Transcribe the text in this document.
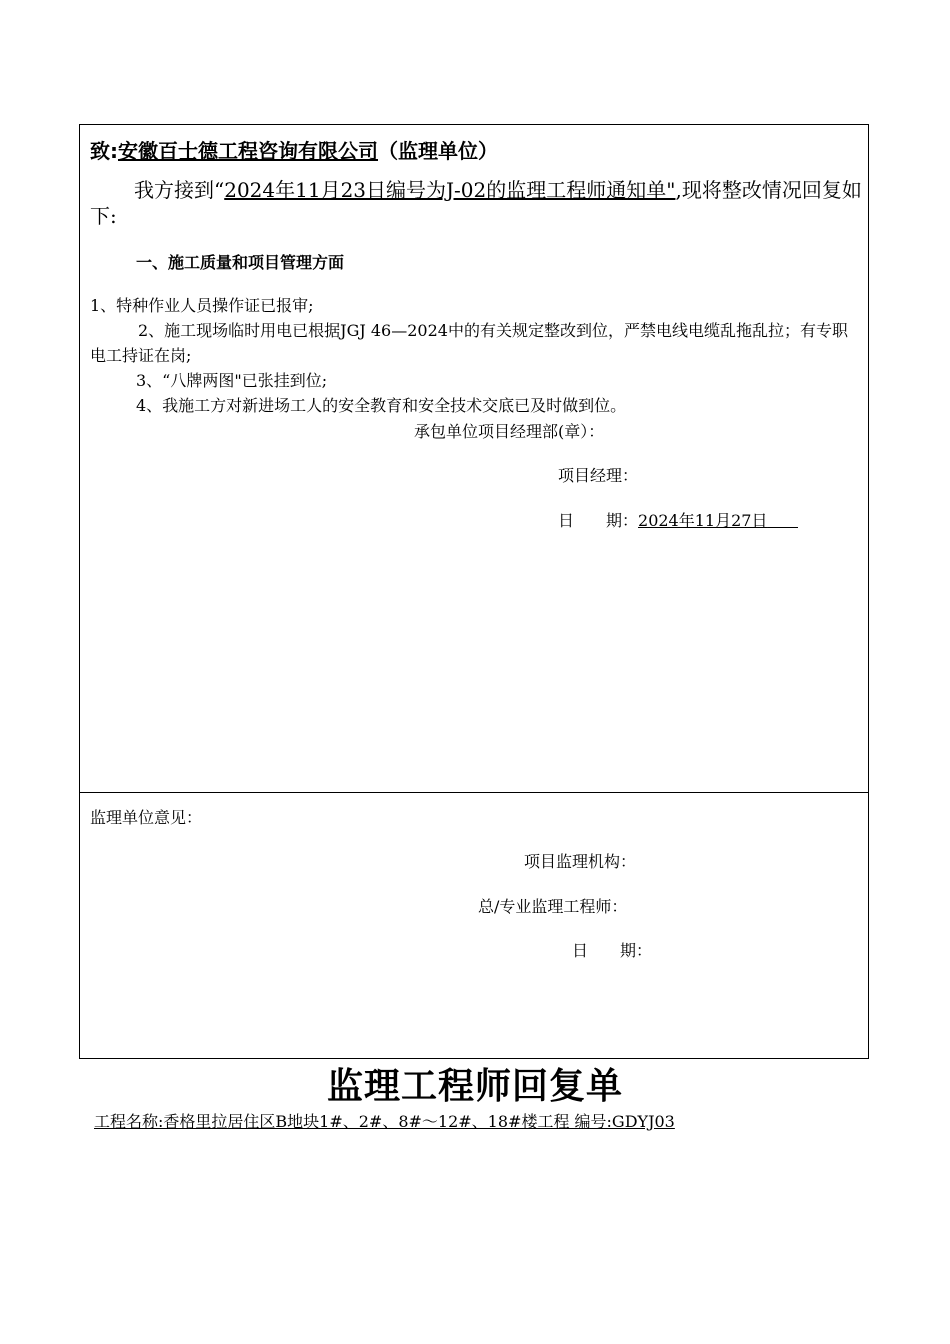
致:安徽百士德工程咨询有限公司（监理单位）
我方接到“2024年11月23日编号为J-02的监理工程师通知单",现将整改情况回复如下:
一、施工质量和项目管理方面
1、特种作业人员操作证已报审;
2、施工现场临时用电已根据JGJ 46—2024中的有关规定整改到位，严禁电线电缆乱拖乱拉；有专职电工持证在岗;
3、“八牌两图"已张挂到位;
4、我施工方对新进场工人的安全教育和安全技术交底已及时做到位。
承包单位项目经理部(章）：
项目经理：
日　　期：2024年11月27日
监理单位意见：
项目监理机构：
总/专业监理工程师：
日　　期：
监理工程师回复单
工程名称:香格里拉居住区B地块1#、2#、8#～12#、18#楼工程 编号:GDYJ03
